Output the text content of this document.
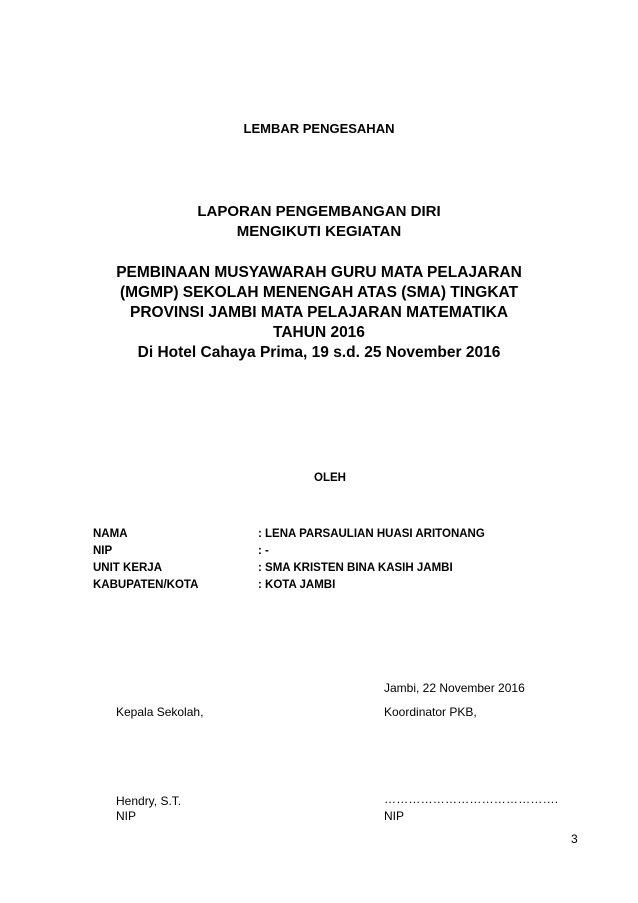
LEMBAR PENGESAHAN
LAPORAN PENGEMBANGAN DIRI
MENGIKUTI KEGIATAN
PEMBINAAN MUSYAWARAH GURU MATA PELAJARAN
(MGMP) SEKOLAH MENENGAH ATAS (SMA) TINGKAT
PROVINSI JAMBI MATA PELAJARAN MATEMATIKA
TAHUN 2016
Di Hotel Cahaya Prima, 19 s.d. 25 November 2016
OLEH
NAMA	: LENA PARSAULIAN HUASI ARITONANG
NIP	: -
UNIT KERJA	: SMA KRISTEN BINA KASIH JAMBI
KABUPATEN/KOTA	: KOTA JAMBI
Jambi, 22 November 2016
Kepala Sekolah,	Koordinator PKB,
Hendry, S.T.	…………………………………….
NIP	NIP
3
